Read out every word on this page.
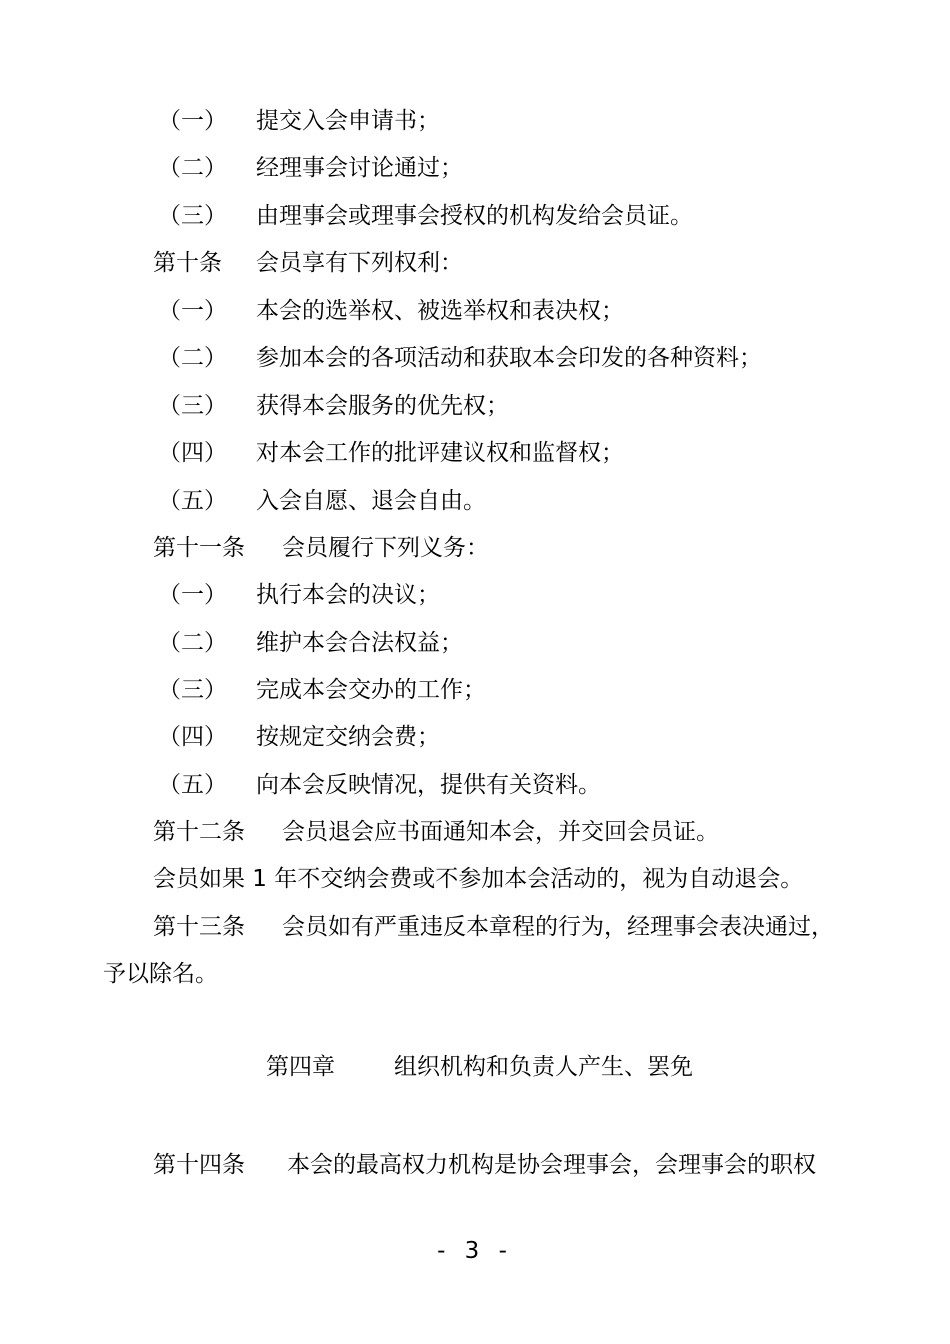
（一） 提交入会申请书；
（二） 经理事会讨论通过；
（三） 由理事会或理事会授权的机构发给会员证。
第十条 会员享有下列权利：
（一） 本会的选举权、被选举权和表决权；
（二） 参加本会的各项活动和获取本会印发的各种资料；
（三） 获得本会服务的优先权；
（四） 对本会工作的批评建议权和监督权；
（五） 入会自愿、退会自由。
第十一条 会员履行下列义务：
（一） 执行本会的决议；
（二） 维护本会合法权益；
（三） 完成本会交办的工作；
（四） 按规定交纳会费；
（五） 向本会反映情况，提供有关资料。
第十二条 会员退会应书面通知本会，并交回会员证。
会员如果 1 年不交纳会费或不参加本会活动的，视为自动退会。
第十三条 会员如有严重违反本章程的行为，经理事会表决通过，
予以除名。
第四章	组织机构和负责人产生、罢免
第十四条 本会的最高权力机构是协会理事会，会理事会的职权
- 3 -
